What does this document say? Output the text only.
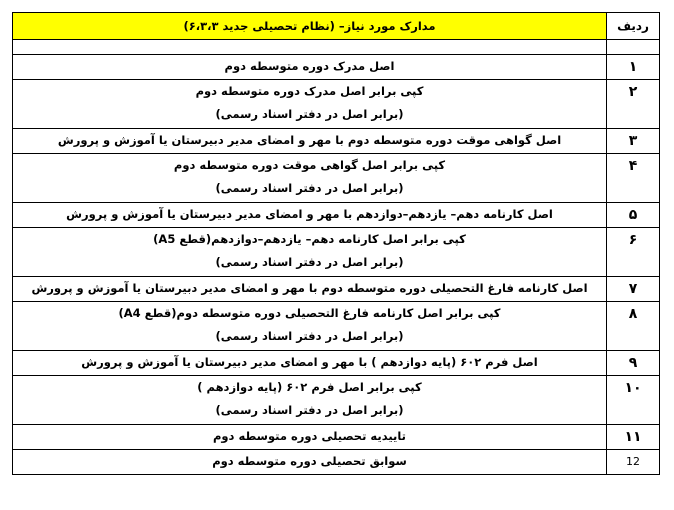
ردیف	مدارک مورد نیاز– (نظام تحصیلی جدید ۶،۳،۳)

۱	اصل مدرک دوره متوسطه دوم

۲	کپی برابر اصل مدرک دوره متوسطه دوم
(برابر اصل در دفتر اسناد رسمی)

۳	اصل گواهی موقت دوره متوسطه دوم با مهر و امضای مدیر دبیرستان یا آموزش و پرورش

۴	کپی برابر اصل گواهی موقت دوره متوسطه دوم
(برابر اصل در دفتر اسناد رسمی)

۵	اصل کارنامه دهم– یازدهم–دوازدهم با مهر و امضای مدیر دبیرستان یا آموزش و پرورش

۶	کپی برابر اصل کارنامه دهم– یازدهم–دوازدهم(قطع A5)
(برابر اصل در دفتر اسناد رسمی)

۷	اصل کارنامه فارغ التحصیلی دوره متوسطه دوم با مهر و امضای مدیر دبیرستان یا آموزش و پرورش

۸	کپی برابر اصل کارنامه فارغ التحصیلی دوره متوسطه دوم(قطع A4)
(برابر اصل در دفتر اسناد رسمی)

۹	اصل فرم ۶۰۲ (پایه دوازدهم ) با مهر و امضای مدیر دبیرستان یا آموزش و پرورش

۱۰	کپی برابر اصل فرم ۶۰۲ (پایه دوازدهم )
(برابر اصل در دفتر اسناد رسمی)

۱۱	تاییدیه تحصیلی دوره متوسطه دوم

12	سوابق تحصیلی دوره متوسطه دوم
